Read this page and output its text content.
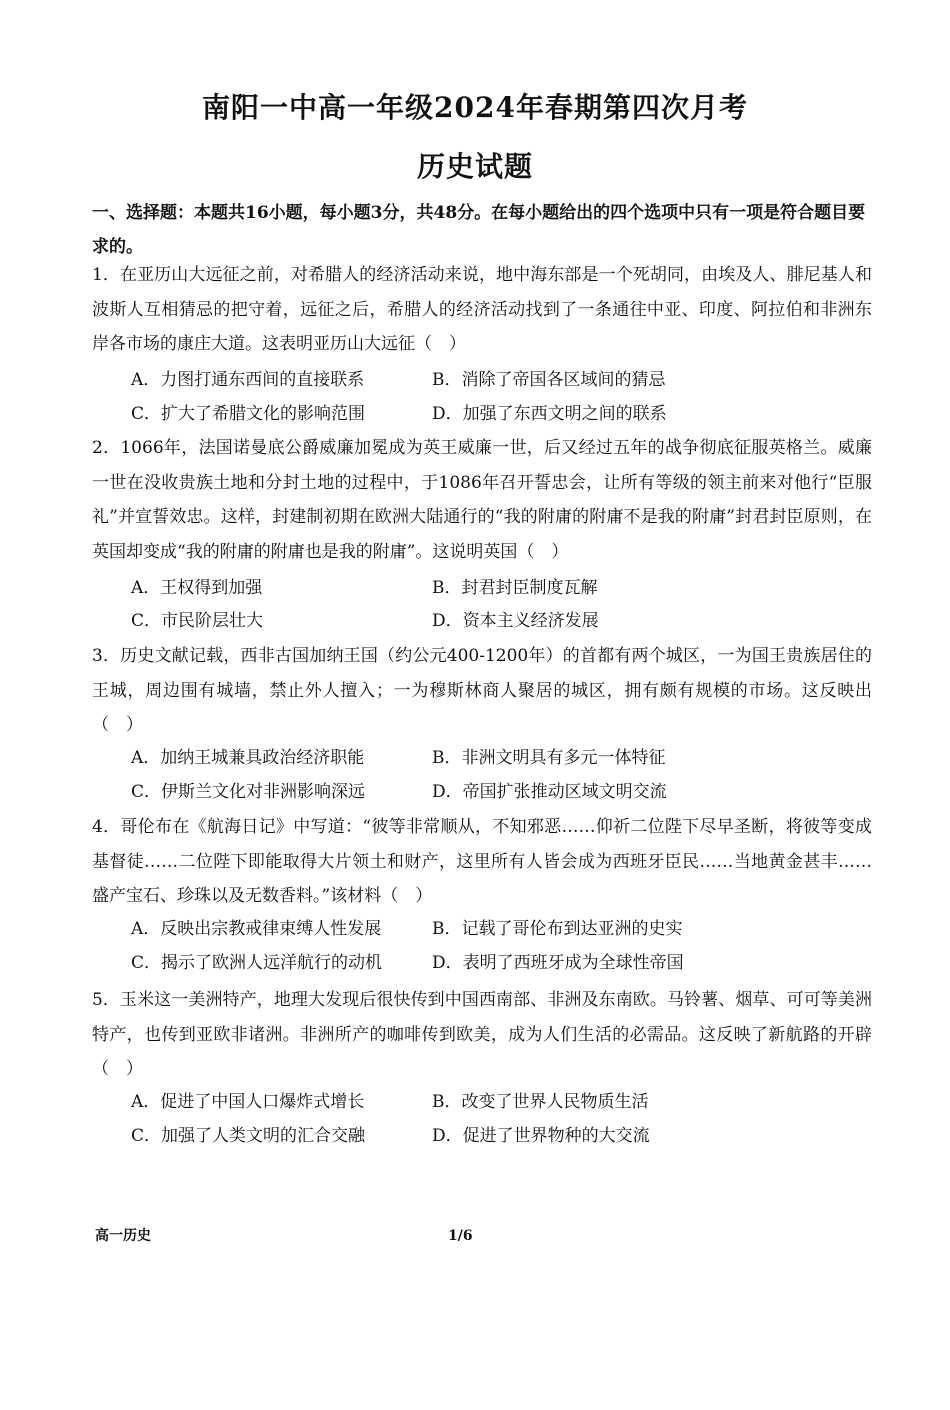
南阳一中高一年级2024年春期第四次月考
历史试题
一、选择题：本题共16小题，每小题3分，共48分。在每小题给出的四个选项中只有一项是符合题目要求的。
1．在亚历山大远征之前，对希腊人的经济活动来说，地中海东部是一个死胡同，由埃及人、腓尼基人和波斯人互相猜忌的把守着，远征之后，希腊人的经济活动找到了一条通往中亚、印度、阿拉伯和非洲东岸各市场的康庄大道。这表明亚历山大远征（　）
A．力图打通东西间的直接联系	B．消除了帝国各区域间的猜忌
C．扩大了希腊文化的影响范围	D．加强了东西文明之间的联系
2．1066年，法国诺曼底公爵威廉加冕成为英王威廉一世，后又经过五年的战争彻底征服英格兰。威廉一世在没收贵族土地和分封土地的过程中，于1086年召开誓忠会，让所有等级的领主前来对他行“臣服礼”并宣誓效忠。这样，封建制初期在欧洲大陆通行的“我的附庸的附庸不是我的附庸”封君封臣原则，在英国却变成“我的附庸的附庸也是我的附庸”。这说明英国（　）
A．王权得到加强	B．封君封臣制度瓦解
C．市民阶层壮大	D．资本主义经济发展
3．历史文献记载，西非古国加纳王国（约公元400-1200年）的首都有两个城区，一为国王贵族居住的王城，周边围有城墙，禁止外人擅入；一为穆斯林商人聚居的城区，拥有颇有规模的市场。这反映出（　）
A．加纳王城兼具政治经济职能	B．非洲文明具有多元一体特征
C．伊斯兰文化对非洲影响深远	D．帝国扩张推动区域文明交流
4．哥伦布在《航海日记》中写道：“彼等非常顺从，不知邪恶……仰祈二位陛下尽早圣断，将彼等变成基督徒……二位陛下即能取得大片领土和财产，这里所有人皆会成为西班牙臣民……当地黄金甚丰……盛产宝石、珍珠以及无数香料。”该材料（　）
A．反映出宗教戒律束缚人性发展	B．记载了哥伦布到达亚洲的史实
C．揭示了欧洲人远洋航行的动机	D．表明了西班牙成为全球性帝国
5．玉米这一美洲特产，地理大发现后很快传到中国西南部、非洲及东南欧。马铃薯、烟草、可可等美洲特产，也传到亚欧非诸洲。非洲所产的咖啡传到欧美，成为人们生活的必需品。这反映了新航路的开辟（　）
A．促进了中国人口爆炸式增长	B．改变了世界人民物质生活
C．加强了人类文明的汇合交融	D．促进了世界物种的大交流
高一历史	1/6
